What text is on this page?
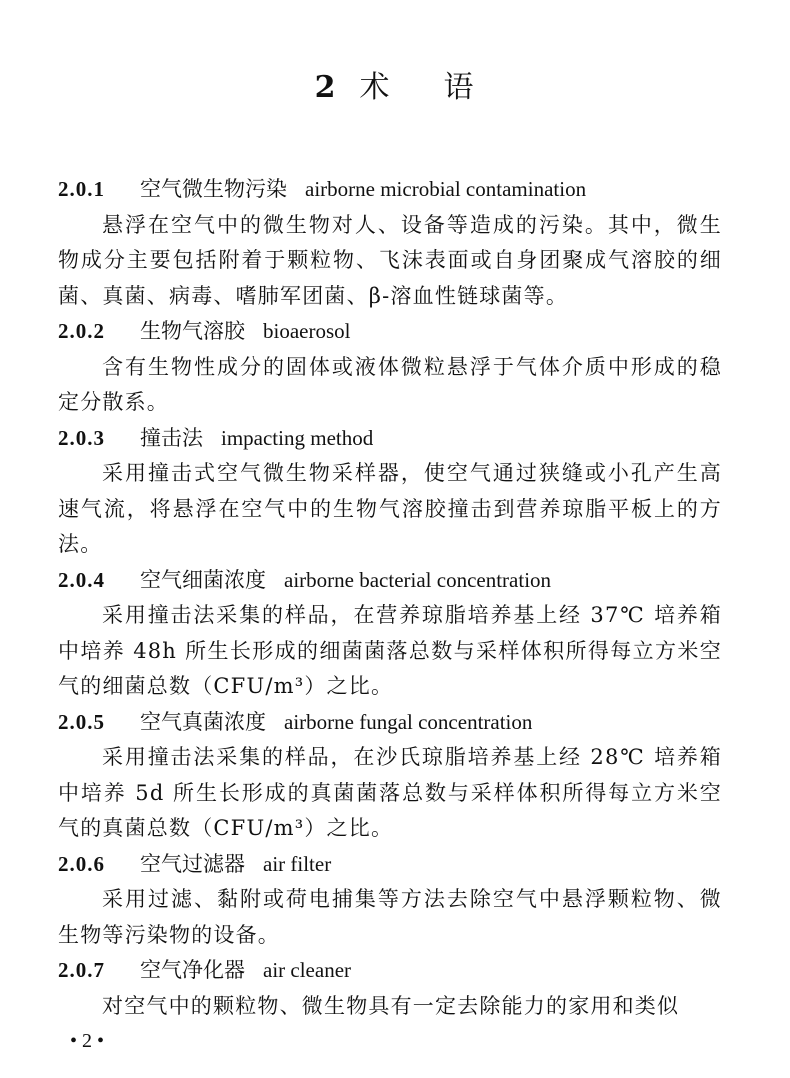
2 术 语
2.0.1 空气微生物污染 airborne microbial contamination
悬浮在空气中的微生物对人、设备等造成的污染。其中，微生物成分主要包括附着于颗粒物、飞沫表面或自身团聚成气溶胶的细菌、真菌、病毒、嗜肺军团菌、β-溶血性链球菌等。
2.0.2 生物气溶胶 bioaerosol
含有生物性成分的固体或液体微粒悬浮于气体介质中形成的稳定分散系。
2.0.3 撞击法 impacting method
采用撞击式空气微生物采样器，使空气通过狭缝或小孔产生高速气流，将悬浮在空气中的生物气溶胶撞击到营养琼脂平板上的方法。
2.0.4 空气细菌浓度 airborne bacterial concentration
采用撞击法采集的样品，在营养琼脂培养基上经 37℃ 培养箱中培养 48h 所生长形成的细菌菌落总数与采样体积所得每立方米空气的细菌总数（CFU/m³）之比。
2.0.5 空气真菌浓度 airborne fungal concentration
采用撞击法采集的样品，在沙氏琼脂培养基上经 28℃ 培养箱中培养 5d 所生长形成的真菌菌落总数与采样体积所得每立方米空气的真菌总数（CFU/m³）之比。
2.0.6 空气过滤器 air filter
采用过滤、黏附或荷电捕集等方法去除空气中悬浮颗粒物、微生物等污染物的设备。
2.0.7 空气净化器 air cleaner
对空气中的颗粒物、微生物具有一定去除能力的家用和类似
• 2 •
